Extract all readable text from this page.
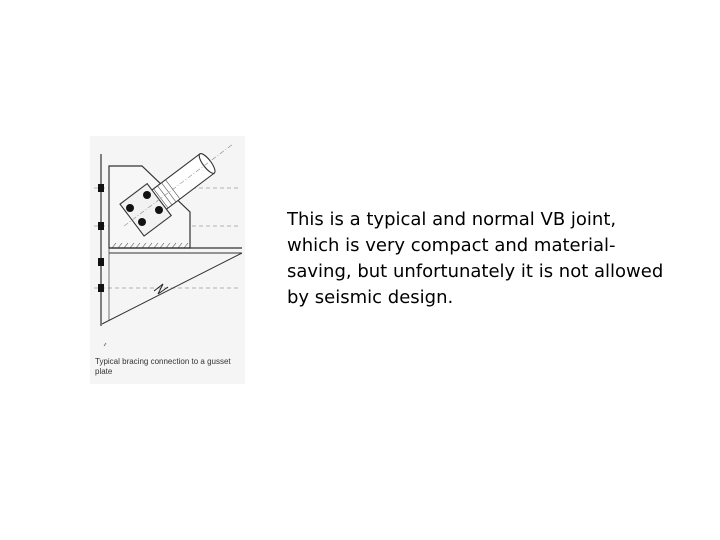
Typical bracing connection to a gusset plate

This is a typical and normal VB joint, which is very compact and material-saving, but unfortunately it is not allowed by seismic design.
